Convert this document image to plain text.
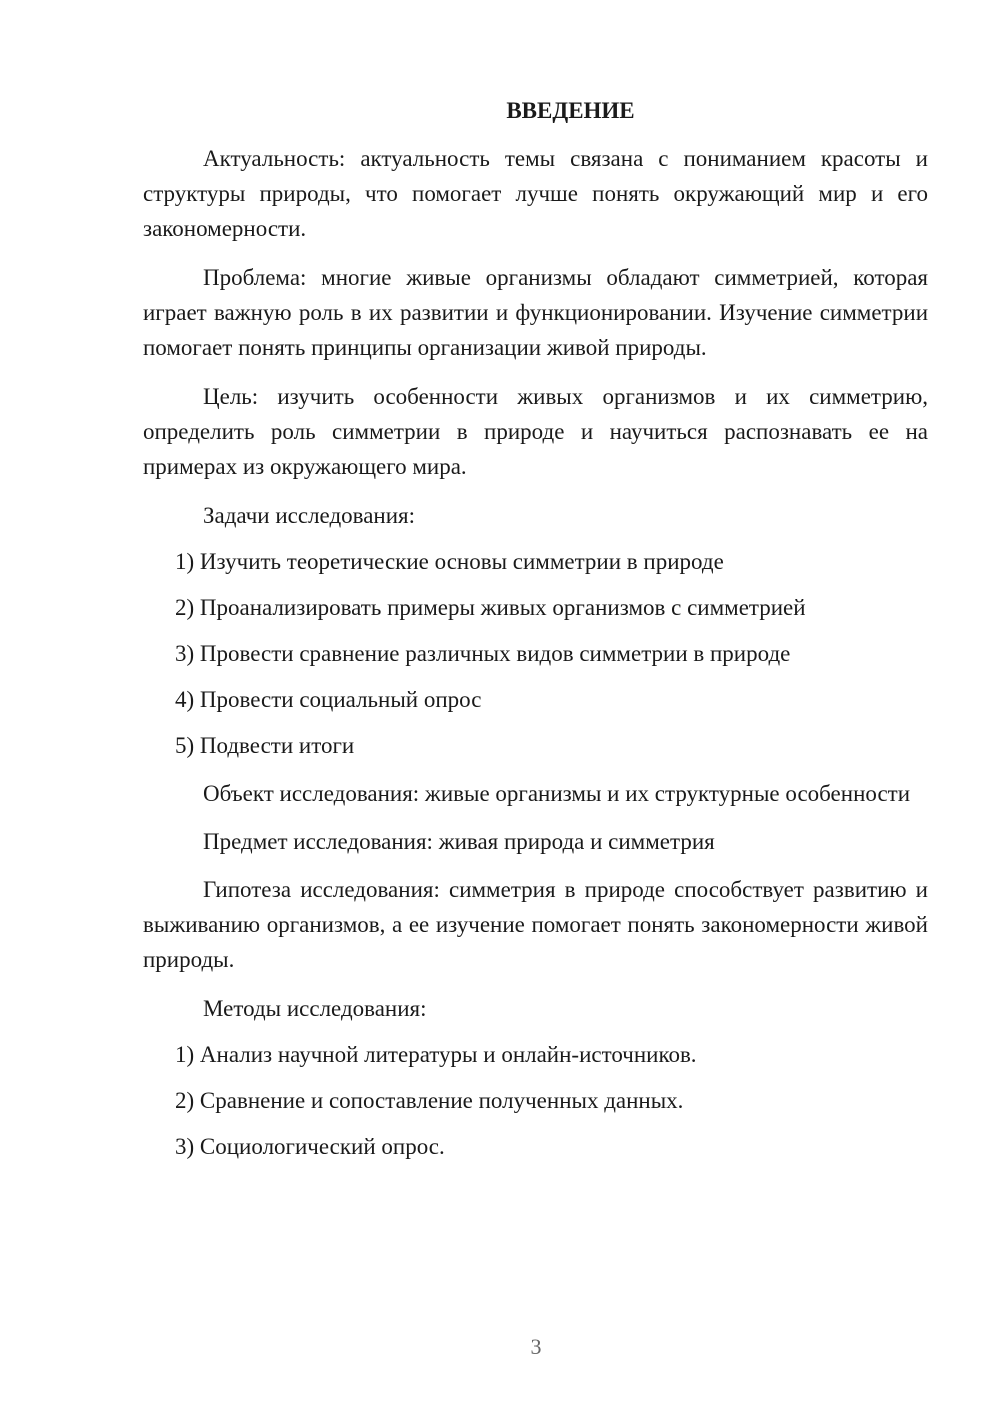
ВВЕДЕНИЕ

Актуальность: актуальность темы связана с пониманием красоты и структуры природы, что помогает лучше понять окружающий мир и его закономерности.

Проблема: многие живые организмы обладают симметрией, которая играет важную роль в их развитии и функционировании. Изучение симметрии помогает понять принципы организации живой природы.

Цель: изучить особенности живых организмов и их симметрию, определить роль симметрии в природе и научиться распознавать ее на примерах из окружающего мира.

Задачи исследования:

1) Изучить теоретические основы симметрии в природе

2) Проанализировать примеры живых организмов с симметрией

3) Провести сравнение различных видов симметрии в природе

4) Провести социальный опрос

5) Подвести итоги

Объект исследования: живые организмы и их структурные особенности

Предмет исследования: живая природа и симметрия

Гипотеза исследования: симметрия в природе способствует развитию и выживанию организмов, а ее изучение помогает понять закономерности живой природы.

Методы исследования:

1) Анализ научной литературы и онлайн-источников.

2) Сравнение и сопоставление полученных данных.

3) Социологический опрос.

3
